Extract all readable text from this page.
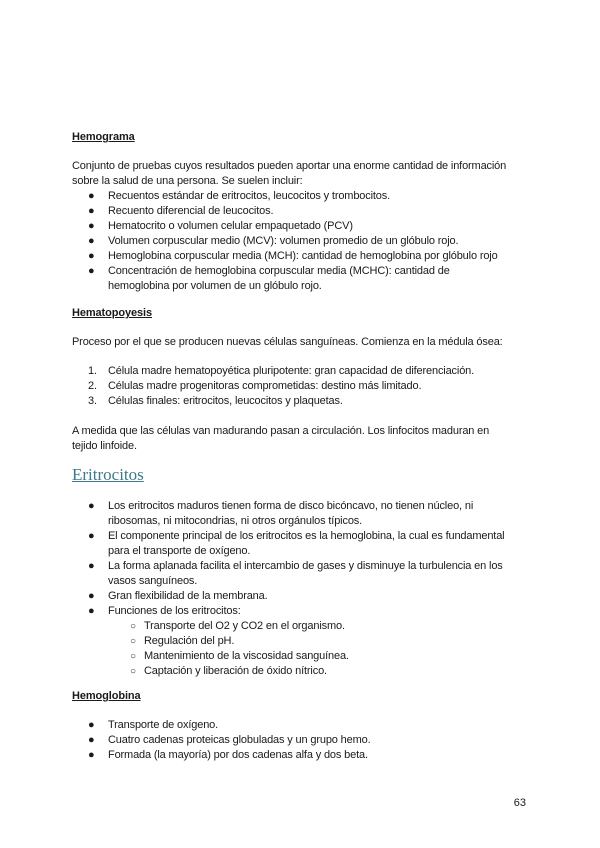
Hemograma
Conjunto de pruebas cuyos resultados pueden aportar una enorme cantidad de información
sobre la salud de una persona. Se suelen incluir:
● Recuentos estándar de eritrocitos, leucocitos y trombocitos.
● Recuento diferencial de leucocitos.
● Hematocrito o volumen celular empaquetado (PCV)
● Volumen corpuscular medio (MCV): volumen promedio de un glóbulo rojo.
● Hemoglobina corpuscular media (MCH): cantidad de hemoglobina por glóbulo rojo
● Concentración de hemoglobina corpuscular media (MCHC): cantidad de
hemoglobina por volumen de un glóbulo rojo.
Hematopoyesis
Proceso por el que se producen nuevas células sanguíneas. Comienza en la médula ósea:
1. Célula madre hematopoyética pluripotente: gran capacidad de diferenciación.
2. Células madre progenitoras comprometidas: destino más limitado.
3. Células finales: eritrocitos, leucocitos y plaquetas.
A medida que las células van madurando pasan a circulación. Los linfocitos maduran en
tejido linfoide.
Eritrocitos
● Los eritrocitos maduros tienen forma de disco bicóncavo, no tienen núcleo, ni
ribosomas, ni mitocondrias, ni otros orgánulos típicos.
● El componente principal de los eritrocitos es la hemoglobina, la cual es fundamental
para el transporte de oxígeno.
● La forma aplanada facilita el intercambio de gases y disminuye la turbulencia en los
vasos sanguíneos.
● Gran flexibilidad de la membrana.
● Funciones de los eritrocitos:
○ Transporte del O2 y CO2 en el organismo.
○ Regulación del pH.
○ Mantenimiento de la viscosidad sanguínea.
○ Captación y liberación de óxido nítrico.
Hemoglobina
● Transporte de oxígeno.
● Cuatro cadenas proteicas globuladas y un grupo hemo.
● Formada (la mayoría) por dos cadenas alfa y dos beta.
63
